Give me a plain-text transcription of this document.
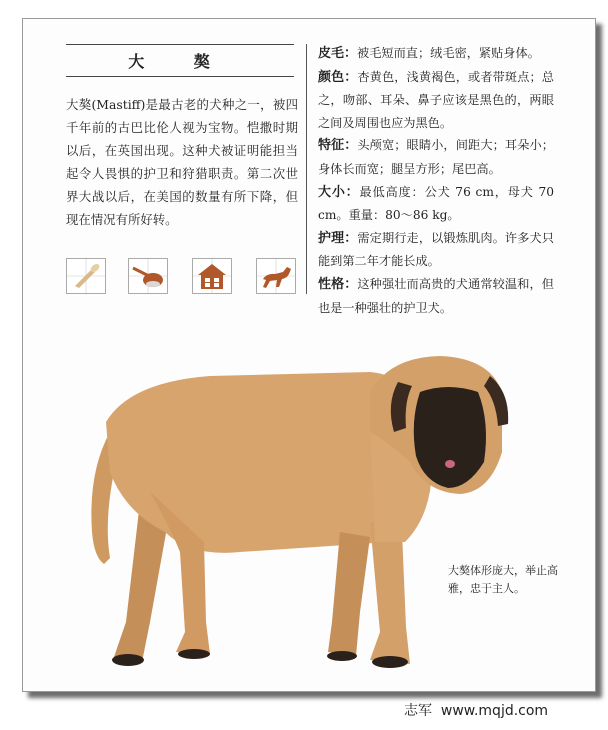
大 獒
大獒(Mastiff)是最古老的犬种之一，被四千年前的古巴比伦人视为宝物。恺撒时期以后，在英国出现。这种犬被证明能担当起令人畏惧的护卫和狩猎职责。第二次世界大战以后，在美国的数量有所下降，但现在情况有所好转。

皮毛：被毛短而直；绒毛密，紧贴身体。

颜色：杏黄色，浅黄褐色，或者带斑点；总之，吻部、耳朵、鼻子应该是黑色的，两眼之间及周围也应为黑色。

特征：头颅宽；眼睛小，间距大；耳朵小；身体长而宽；腿呈方形；尾巴高。

大小：最低高度：公犬 76 cm，母犬 70 cm。重量：80～86 kg。

护理：需定期行走，以锻炼肌肉。许多犬只能到第二年才能长成。

性格：这种强壮而高贵的犬通常较温和，但也是一种强壮的护卫犬。

大獒体形庞大，举止高雅，忠于主人。
志军  www.mqjd.com
